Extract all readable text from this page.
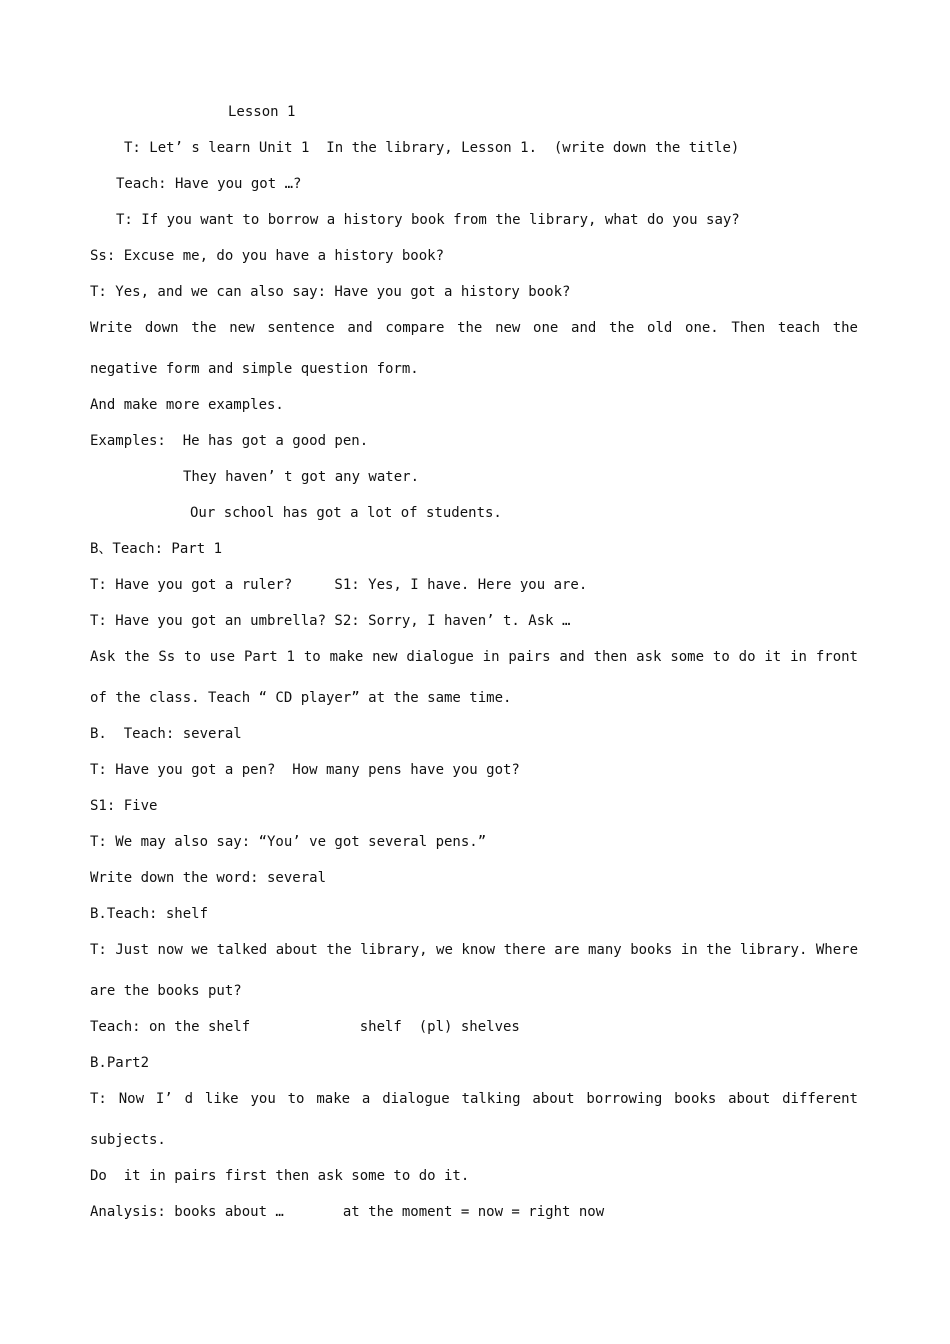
Lesson 1

T: Let’ s learn Unit 1  In the library, Lesson 1.  (write down the title)

Teach: Have you got …?

T: If you want to borrow a history book from the library, what do you say?

Ss: Excuse me, do you have a history book?

T: Yes, and we can also say: Have you got a history book?

Write down the new sentence and compare the new one and the old one. Then teach the

negative form and simple question form.

And make more examples.

Examples:  He has got a good pen.

They haven’ t got any water.

Our school has got a lot of students.

B、Teach: Part 1

T: Have you got a ruler?     S1: Yes, I have. Here you are.

T: Have you got an umbrella? S2: Sorry, I haven’ t. Ask …

Ask the Ss to use Part 1 to make new dialogue in pairs and then ask some to do it in front

of the class. Teach “ CD player” at the same time.

B.  Teach: several

T: Have you got a pen?  How many pens have you got?

S1: Five

T: We may also say: “You’ ve got several pens.”

Write down the word: several

B.Teach: shelf

T: Just now we talked about the library, we know there are many books in the library. Where

are the books put?

Teach: on the shelf             shelf  (pl) shelves

B.Part2

T: Now I’ d like you to make a dialogue talking about borrowing books about different

subjects.

Do  it in pairs first then ask some to do it.

Analysis: books about …       at the moment = now = right now
